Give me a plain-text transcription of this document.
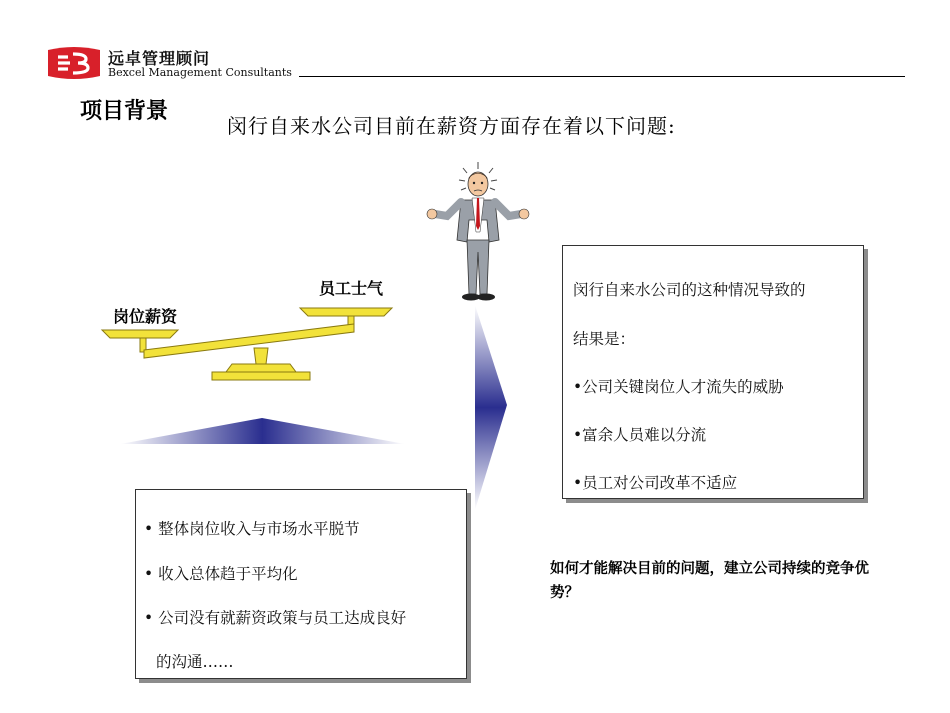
远卓管理顾问
Bexcel Management Consultants
项目背景
闵行自来水公司目前在薪资方面存在着以下问题:
岗位薪资
员工士气

• 整体岗位收入与市场水平脱节

• 收入总体趋于平均化

• 公司没有就薪资政策与员工达成良好

的沟通……

闵行自来水公司的这种情况导致的

结果是：

•公司关键岗位人才流失的威胁

•富余人员难以分流

•员工对公司改革不适应

如何才能解决目前的问题，建立公司持续的竞争优势？
